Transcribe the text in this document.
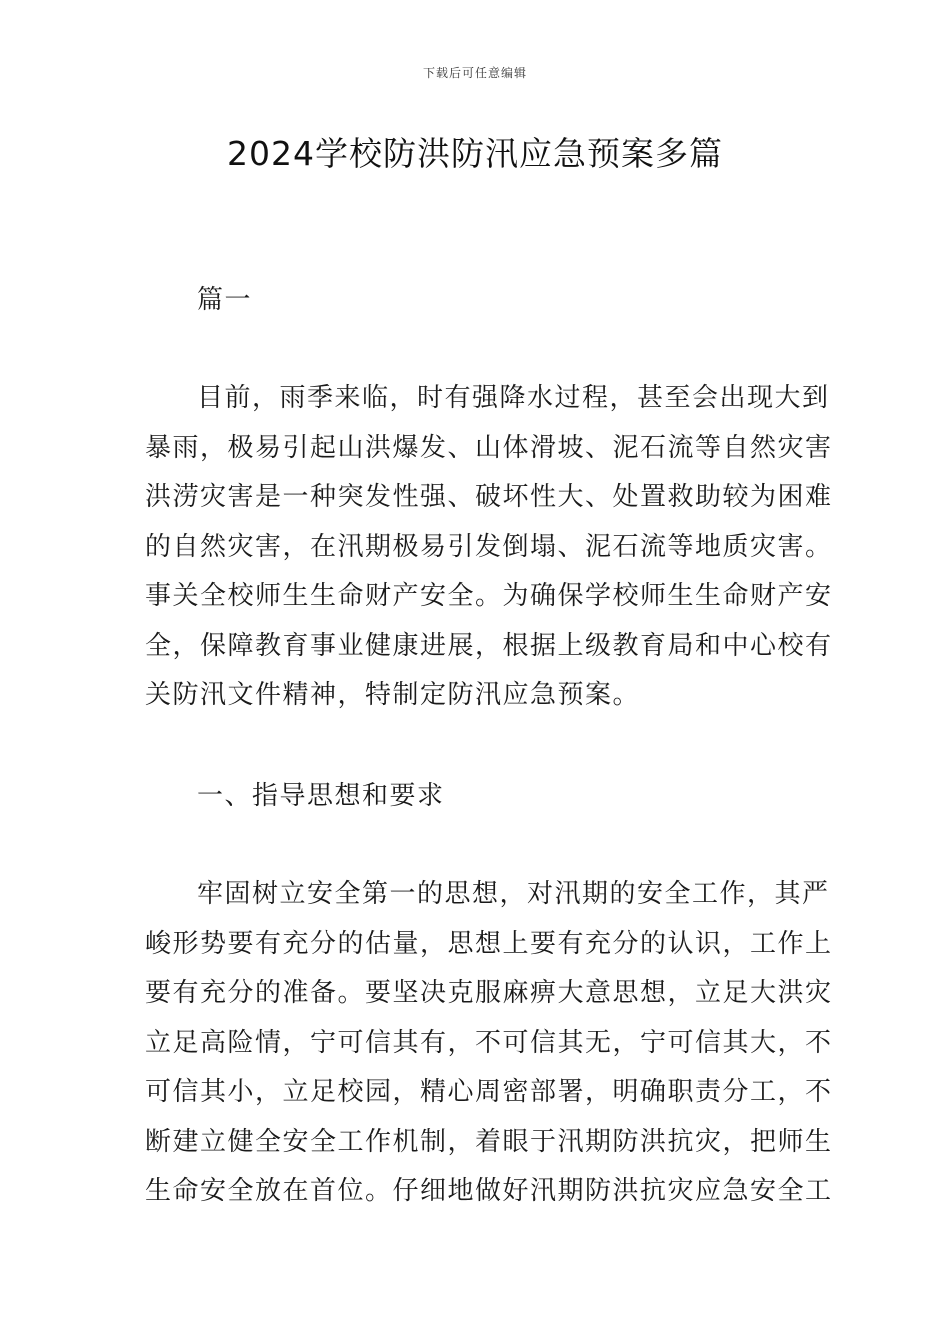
下载后可任意编辑
2024学校防洪防汛应急预案多篇
篇一
目前，雨季来临，时有强降水过程，甚至会出现大到
暴雨，极易引起山洪爆发、山体滑坡、泥石流等自然灾害
洪涝灾害是一种突发性强、破坏性大、处置救助较为困难
的自然灾害，在汛期极易引发倒塌、泥石流等地质灾害。
事关全校师生生命财产安全。为确保学校师生生命财产安
全，保障教育事业健康进展，根据上级教育局和中心校有
关防汛文件精神，特制定防汛应急预案。
一、指导思想和要求
牢固树立安全第一的思想，对汛期的安全工作，其严
峻形势要有充分的估量，思想上要有充分的认识，工作上
要有充分的准备。要坚决克服麻痹大意思想，立足大洪灾
立足高险情，宁可信其有，不可信其无，宁可信其大，不
可信其小，立足校园，精心周密部署，明确职责分工，不
断建立健全安全工作机制，着眼于汛期防洪抗灾，把师生
生命安全放在首位。仔细地做好汛期防洪抗灾应急安全工
